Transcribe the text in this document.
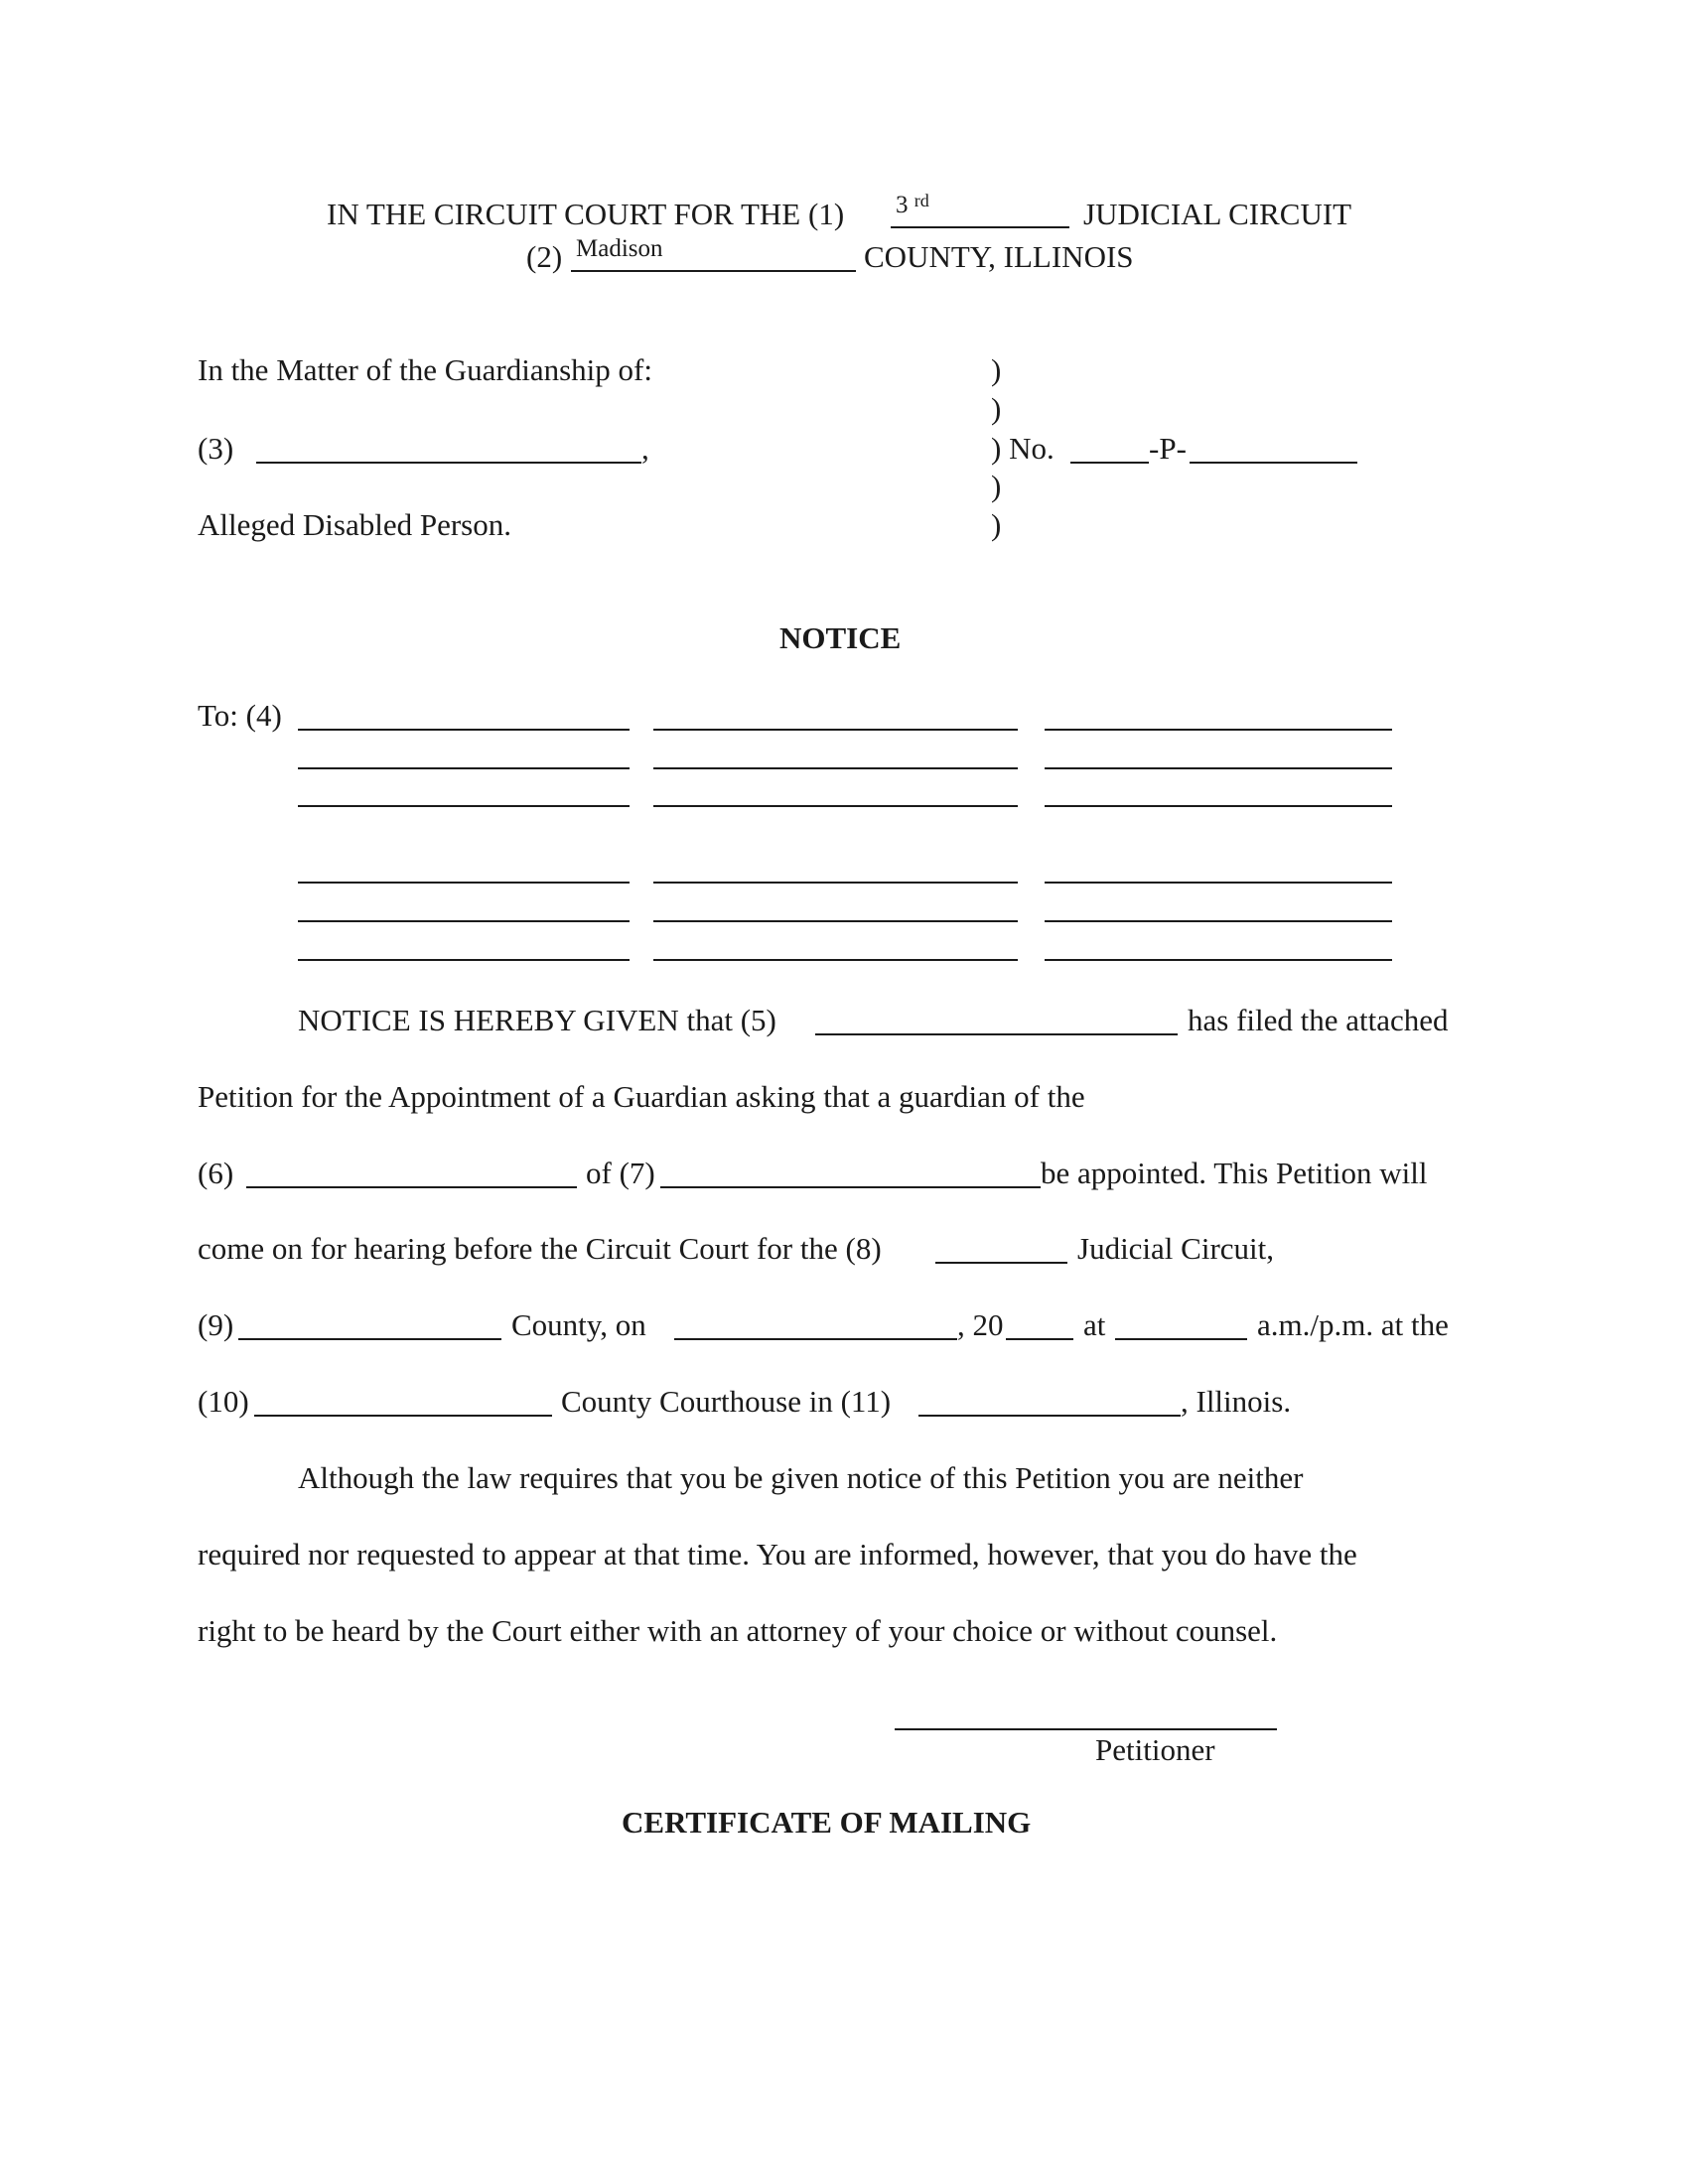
IN THE CIRCUIT COURT FOR THE (1) 3 $^{rd}$	JUDICIAL CIRCUIT
(2) Madison	COUNTY, ILLINOIS
In the Matter of the Guardianship of:
(3)	,
Alleged Disabled Person.
)
)
) No.	-P-
)
)
NOTICE
To: (4)
NOTICE IS HEREBY GIVEN that (5)	has filed the attached
Petition for the Appointment of a Guardian asking that a guardian of the
(6)	of (7)	be appointed. This Petition will
come on for hearing before the Circuit Court for the (8)	Judicial Circuit,
(9)	County, on	, 20	at	a.m./p.m. at the
(10)	County Courthouse in (11)	, Illinois.
Although the law requires that you be given notice of this Petition you are neither
required nor requested to appear at that time. You are informed, however, that you do have the
right to be heard by the Court either with an attorney of your choice or without counsel.
Petitioner
CERTIFICATE OF MAILING
